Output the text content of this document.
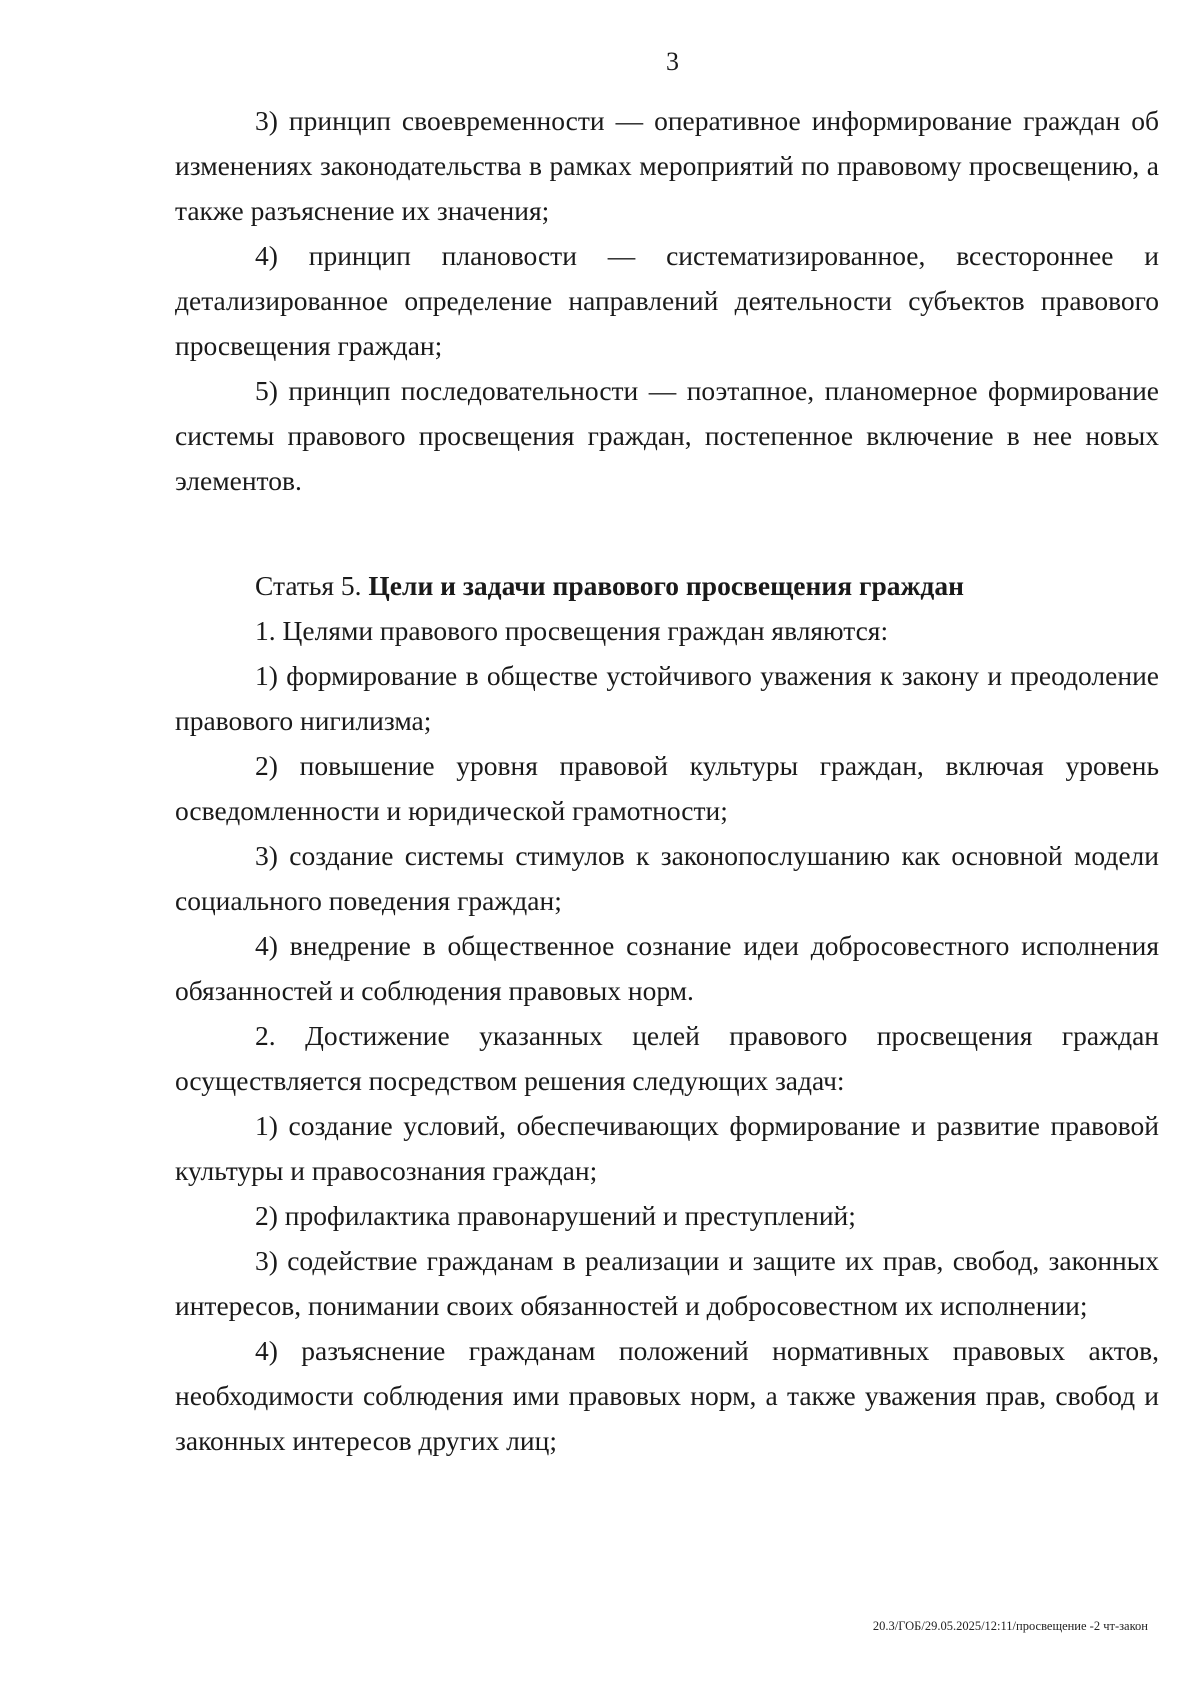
3

3) принцип своевременности — оперативное информирование граждан об изменениях законодательства в рамках мероприятий по правовому просвещению, а также разъяснение их значения;

4) принцип плановости — систематизированное, всестороннее и детализированное определение направлений деятельности субъектов правового просвещения граждан;

5) принцип последовательности — поэтапное, планомерное формирование системы правового просвещения граждан, постепенное включение в нее новых элементов.

Статья 5. Цели и задачи правового просвещения граждан

1. Целями правового просвещения граждан являются:

1) формирование в обществе устойчивого уважения к закону и преодоление правового нигилизма;

2) повышение уровня правовой культуры граждан, включая уровень осведомленности и юридической грамотности;

3) создание системы стимулов к законопослушанию как основной модели социального поведения граждан;

4) внедрение в общественное сознание идеи добросовестного исполнения обязанностей и соблюдения правовых норм.

2. Достижение указанных целей правового просвещения граждан осуществляется посредством решения следующих задач:

1) создание условий, обеспечивающих формирование и развитие правовой культуры и правосознания граждан;

2) профилактика правонарушений и преступлений;

3) содействие гражданам в реализации и защите их прав, свобод, законных интересов, понимании своих обязанностей и добросовестном их исполнении;

4) разъяснение гражданам положений нормативных правовых актов, необходимости соблюдения ими правовых норм, а также уважения прав, свобод и законных интересов других лиц;

20.3/ГОБ/29.05.2025/12:11/просвещение -2 чт-закон
